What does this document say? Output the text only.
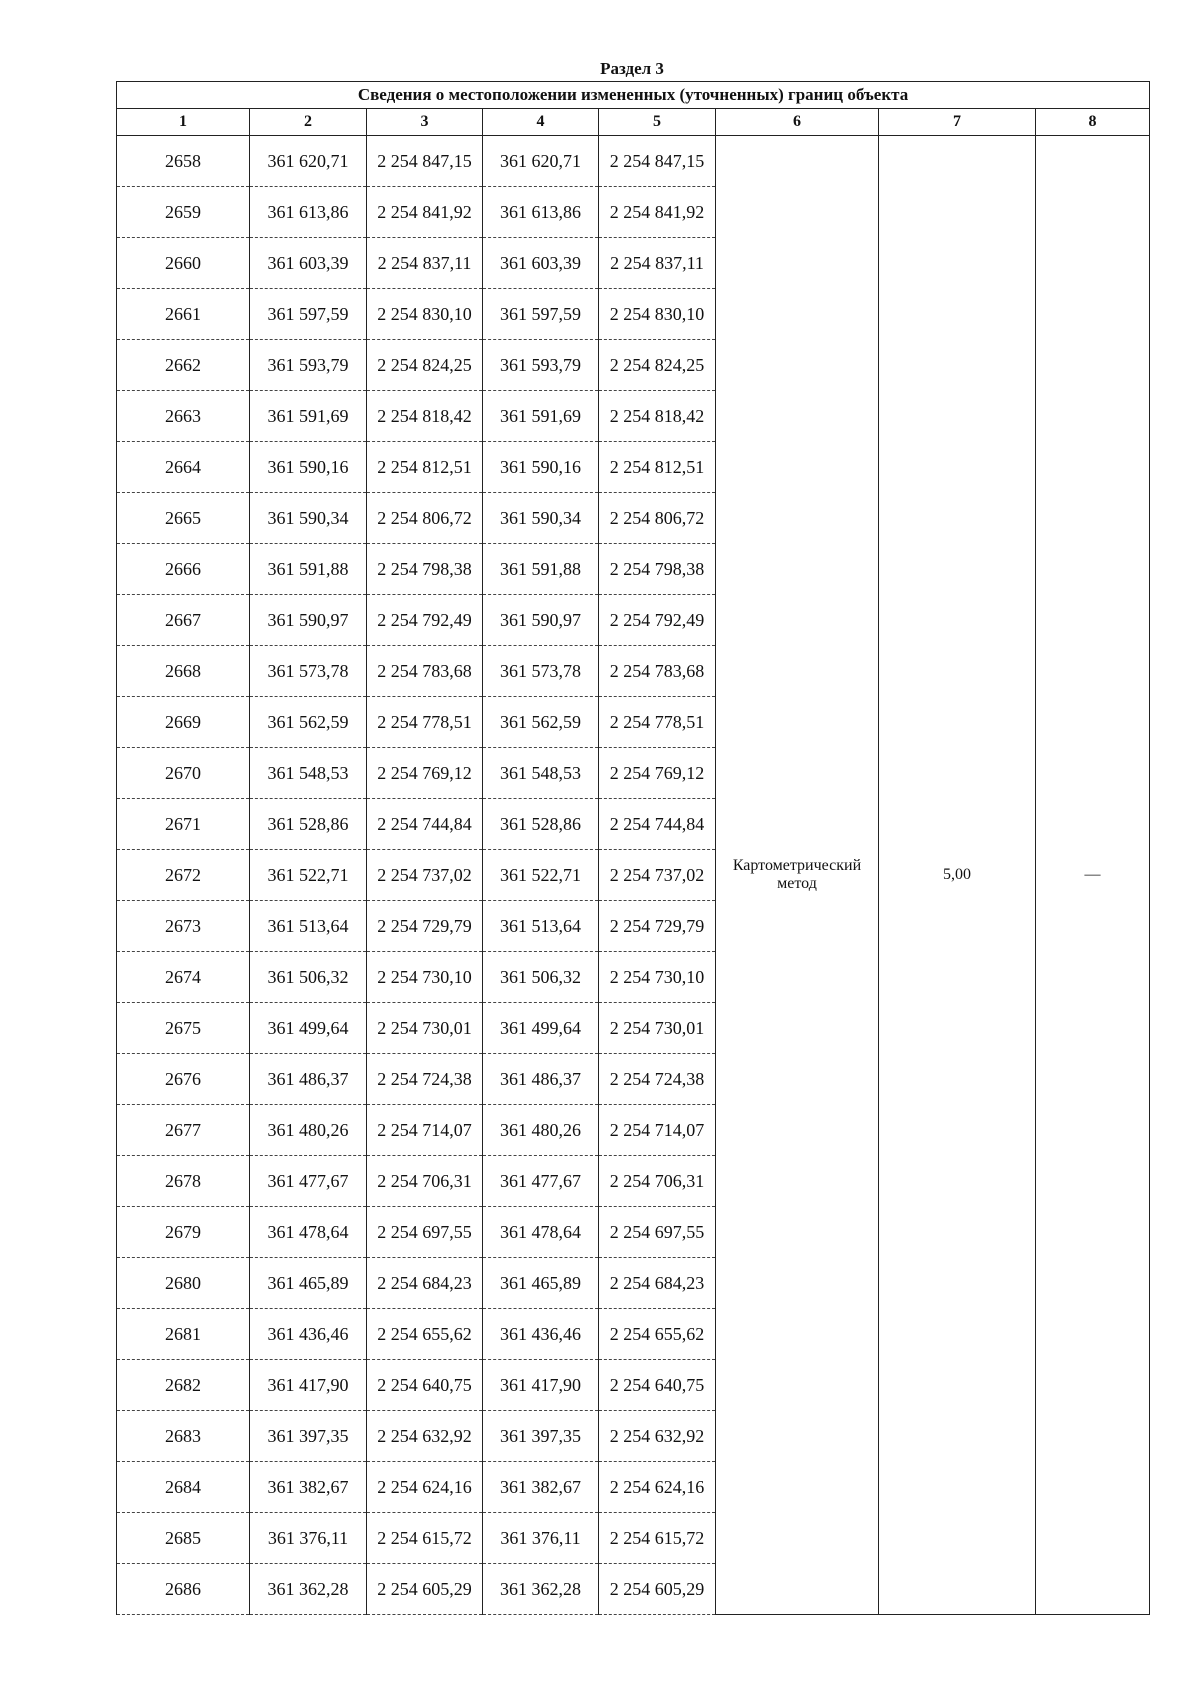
Раздел 3
Сведения о местоположении измененных (уточненных) границ объекта							
1	2	3	4	5	6	7	8
2658	361 620,71	2 254 847,15	361 620,71	2 254 847,15	Картометрический
метод	5,00	—
2659	361 613,86	2 254 841,92	361 613,86	2 254 841,92			
2660	361 603,39	2 254 837,11	361 603,39	2 254 837,11			
2661	361 597,59	2 254 830,10	361 597,59	2 254 830,10			
2662	361 593,79	2 254 824,25	361 593,79	2 254 824,25			
2663	361 591,69	2 254 818,42	361 591,69	2 254 818,42			
2664	361 590,16	2 254 812,51	361 590,16	2 254 812,51			
2665	361 590,34	2 254 806,72	361 590,34	2 254 806,72			
2666	361 591,88	2 254 798,38	361 591,88	2 254 798,38			
2667	361 590,97	2 254 792,49	361 590,97	2 254 792,49			
2668	361 573,78	2 254 783,68	361 573,78	2 254 783,68			
2669	361 562,59	2 254 778,51	361 562,59	2 254 778,51			
2670	361 548,53	2 254 769,12	361 548,53	2 254 769,12			
2671	361 528,86	2 254 744,84	361 528,86	2 254 744,84			
2672	361 522,71	2 254 737,02	361 522,71	2 254 737,02			
2673	361 513,64	2 254 729,79	361 513,64	2 254 729,79			
2674	361 506,32	2 254 730,10	361 506,32	2 254 730,10			
2675	361 499,64	2 254 730,01	361 499,64	2 254 730,01			
2676	361 486,37	2 254 724,38	361 486,37	2 254 724,38			
2677	361 480,26	2 254 714,07	361 480,26	2 254 714,07			
2678	361 477,67	2 254 706,31	361 477,67	2 254 706,31			
2679	361 478,64	2 254 697,55	361 478,64	2 254 697,55			
2680	361 465,89	2 254 684,23	361 465,89	2 254 684,23			
2681	361 436,46	2 254 655,62	361 436,46	2 254 655,62			
2682	361 417,90	2 254 640,75	361 417,90	2 254 640,75			
2683	361 397,35	2 254 632,92	361 397,35	2 254 632,92			
2684	361 382,67	2 254 624,16	361 382,67	2 254 624,16			
2685	361 376,11	2 254 615,72	361 376,11	2 254 615,72			
2686	361 362,28	2 254 605,29	361 362,28	2 254 605,29			
